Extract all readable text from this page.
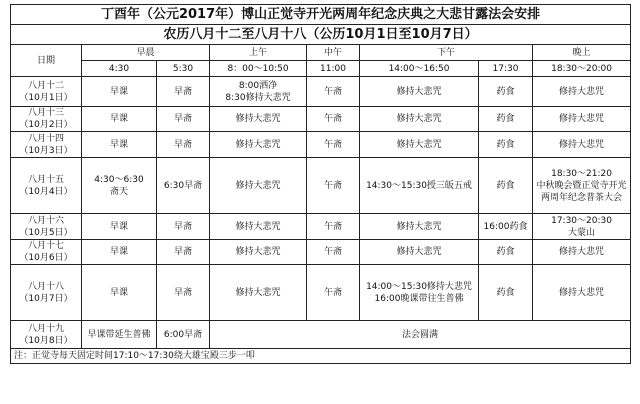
丁酉年（公元2017年）博山正觉寺开光两周年纪念庆典之大悲甘露法会安排							
农历八月十二至八月十八（公历10月1日至10月7日）							
日期	早晨		上午	中午	下午		晚上
	4:30	5:30	8：00～10:50	11:00	14:00～16:50	17:30	18:30～20:00

八月十二
（10月1日）	早课	早斋	8:00洒净
8:30修持大悲咒	午斋	修持大悲咒	药食	修持大悲咒

八月十三
（10月2日）	早课	早斋	修持大悲咒	午斋	修持大悲咒	药食	修持大悲咒

八月十四
（10月3日）	早课	早斋	修持大悲咒	午斋	修持大悲咒	药食	修持大悲咒

八月十五
（10月4日）	4:30～6:30
斋天	6:30早斋	修持大悲咒	午斋	14:30～15:30授三皈五戒	药食	18:30～21:20
中秋晚会暨正觉寺开光
两周年纪念普茶大会

八月十六
（10月5日）	早课	早斋	修持大悲咒	午斋	修持大悲咒	16:00药食	17:30～20:30
大蒙山

八月十七
（10月6日）	早课	早斋	修持大悲咒	午斋	修持大悲咒	药食	修持大悲咒

八月十八
（10月7日）	早课	早斋	修持大悲咒	午斋	14:00～15:30修持大悲咒
16:00晚课带往生普佛	药食	修持大悲咒

八月十九
（10月8日）	早课带延生普佛	6:00早斋	法会圆满				
注：正觉寺每天固定时间17:10～17:30绕大雄宝殿三步一叩							
